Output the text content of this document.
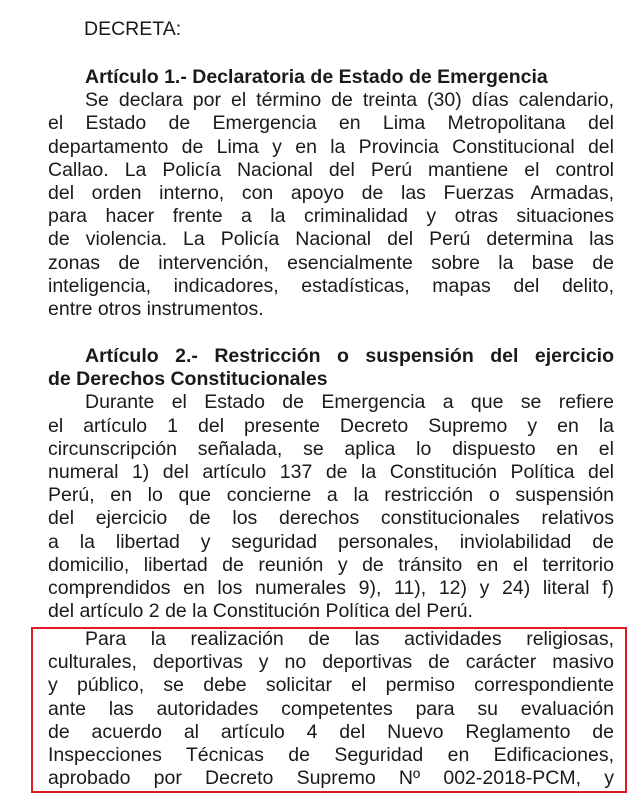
DECRETA:
Artículo 1.- Declaratoria de Estado de Emergencia
Se declara por el término de treinta (30) días calendario,
el Estado de Emergencia en Lima Metropolitana del
departamento de Lima y en la Provincia Constitucional del
Callao. La Policía Nacional del Perú mantiene el control
del orden interno, con apoyo de las Fuerzas Armadas,
para hacer frente a la criminalidad y otras situaciones
de violencia. La Policía Nacional del Perú determina las
zonas de intervención, esencialmente sobre la base de
inteligencia, indicadores, estadísticas, mapas del delito,
entre otros instrumentos.
Artículo 2.- Restricción o suspensión del ejercicio
de Derechos Constitucionales
Durante el Estado de Emergencia a que se refiere
el artículo 1 del presente Decreto Supremo y en la
circunscripción señalada, se aplica lo dispuesto en el
numeral 1) del artículo 137 de la Constitución Política del
Perú, en lo que concierne a la restricción o suspensión
del ejercicio de los derechos constitucionales relativos
a la libertad y seguridad personales, inviolabilidad de
domicilio, libertad de reunión y de tránsito en el territorio
comprendidos en los numerales 9), 11), 12) y 24) literal f)
del artículo 2 de la Constitución Política del Perú.
Para la realización de las actividades religiosas,
culturales, deportivas y no deportivas de carácter masivo
y público, se debe solicitar el permiso correspondiente
ante las autoridades competentes para su evaluación
de acuerdo al artículo 4 del Nuevo Reglamento de
Inspecciones Técnicas de Seguridad en Edificaciones,
aprobado por Decreto Supremo Nº 002-2018-PCM, y
